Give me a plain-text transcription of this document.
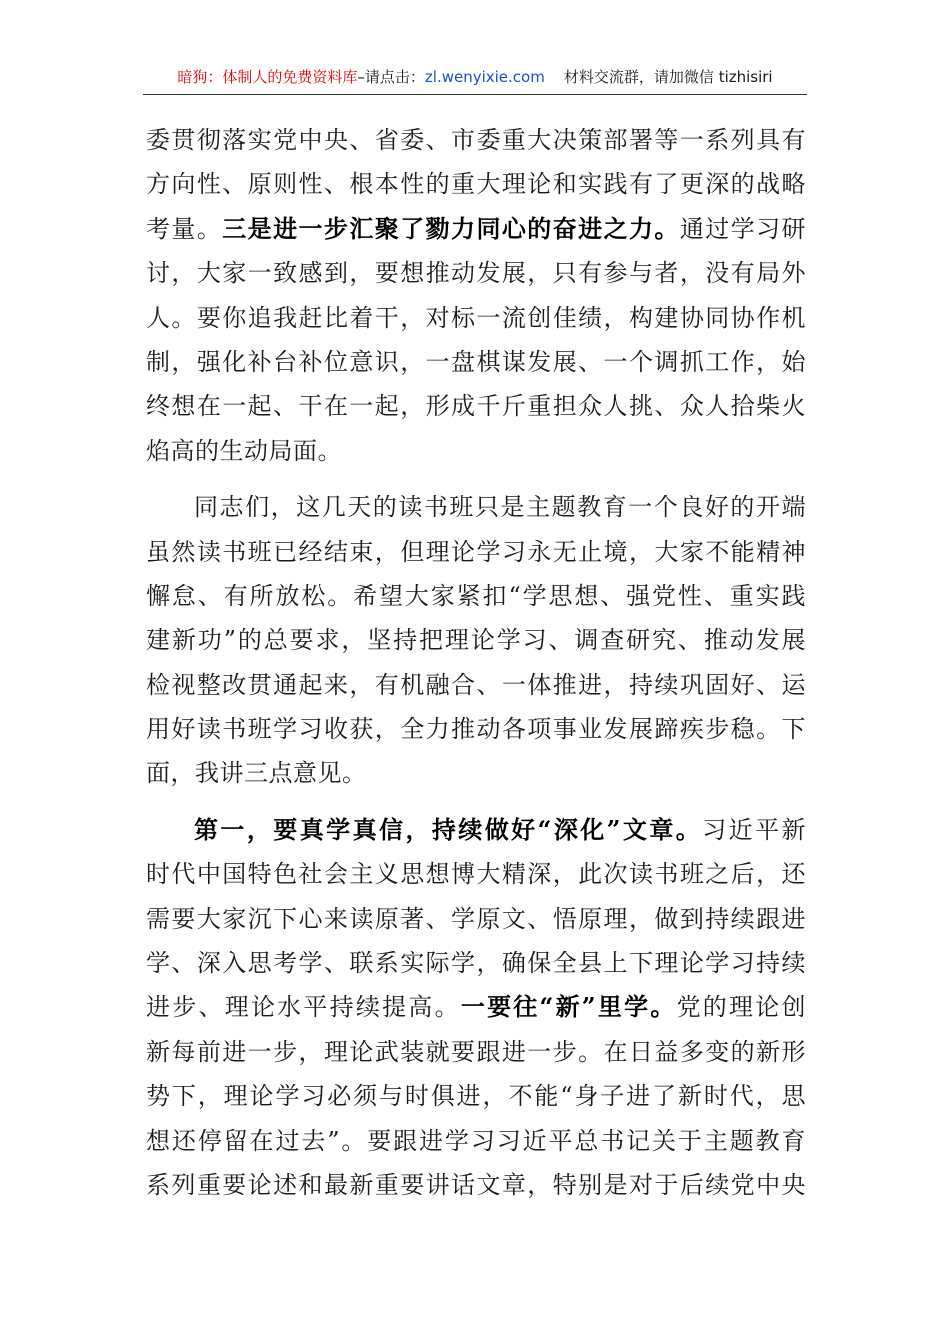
暗狗：体制人的免费资料库–请点击：zl.wenyixie.com 材料交流群，请加微信 tizhisiri
委贯彻落实党中央、省委、市委重大决策部署等一系列具有
方向性、原则性、根本性的重大理论和实践有了更深的战略
考量。三是进一步汇聚了勠力同心的奋进之力。通过学习研
讨，大家一致感到，要想推动发展，只有参与者，没有局外
人。要你追我赶比着干，对标一流创佳绩，构建协同协作机
制，强化补台补位意识，一盘棋谋发展、一个调抓工作，始
终想在一起、干在一起，形成千斤重担众人挑、众人拾柴火
焰高的生动局面。
同志们，这几天的读书班只是主题教育一个良好的开端
虽然读书班已经结束，但理论学习永无止境，大家不能精神
懈怠、有所放松。希望大家紧扣“学思想、强党性、重实践
建新功”的总要求，坚持把理论学习、调查研究、推动发展
检视整改贯通起来，有机融合、一体推进，持续巩固好、运
用好读书班学习收获，全力推动各项事业发展蹄疾步稳。下
面，我讲三点意见。
第一，要真学真信，持续做好“深化”文章。习近平新
时代中国特色社会主义思想博大精深，此次读书班之后，还
需要大家沉下心来读原著、学原文、悟原理，做到持续跟进
学、深入思考学、联系实际学，确保全县上下理论学习持续
进步、理论水平持续提高。一要往“新”里学。党的理论创
新每前进一步，理论武装就要跟进一步。在日益多变的新形
势下，理论学习必须与时俱进，不能“身子进了新时代，思
想还停留在过去”。要跟进学习习近平总书记关于主题教育
系列重要论述和最新重要讲话文章，特别是对于后续党中央
